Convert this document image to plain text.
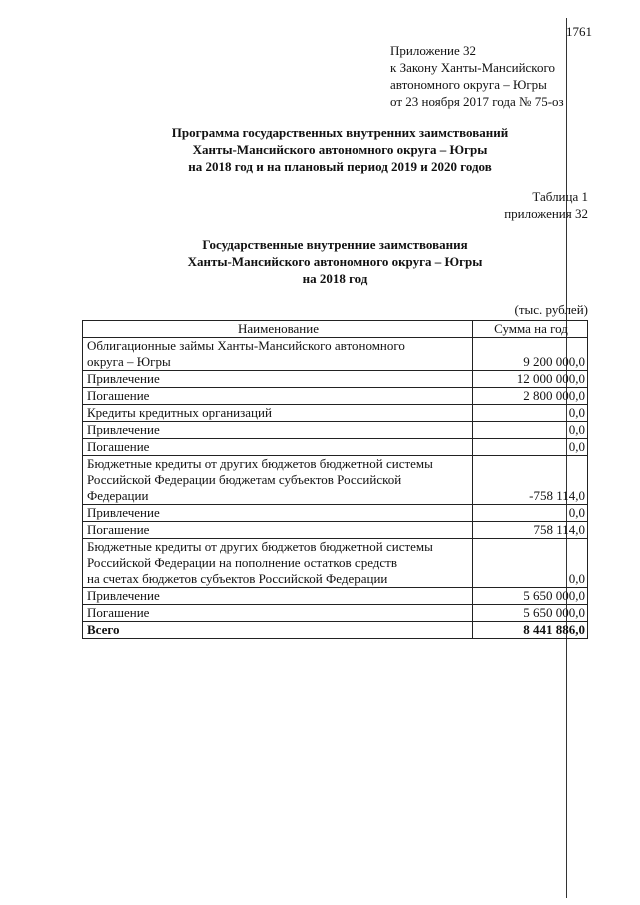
1761
Приложение 32
к Закону Ханты-Мансийского
автономного округа – Югры
от 23 ноября 2017 года № 75-оз
Программа государственных внутренних заимствований
Ханты-Мансийского автономного округа – Югры
на 2018 год и на плановый период 2019 и 2020 годов
Таблица 1
приложения 32
Государственные внутренние заимствования
Ханты-Мансийского автономного округа – Югры
на 2018 год
(тыс. рублей)
Наименование	Сумма на год
Облигационные займы Ханты-Мансийского автономного
округа – Югры	9 200 000,0
Привлечение	12 000 000,0
Погашение	2 800 000,0
Кредиты кредитных организаций	0,0
Привлечение	0,0
Погашение	0,0
Бюджетные кредиты от других бюджетов бюджетной системы
Российской Федерации бюджетам субъектов Российской
Федерации	-758 114,0
Привлечение	0,0
Погашение	758 114,0
Бюджетные кредиты от других бюджетов бюджетной системы
Российской Федерации на пополнение остатков средств
на счетах бюджетов субъектов Российской Федерации	0,0
Привлечение	5 650 000,0
Погашение	5 650 000,0
Всего	8 441 886,0
